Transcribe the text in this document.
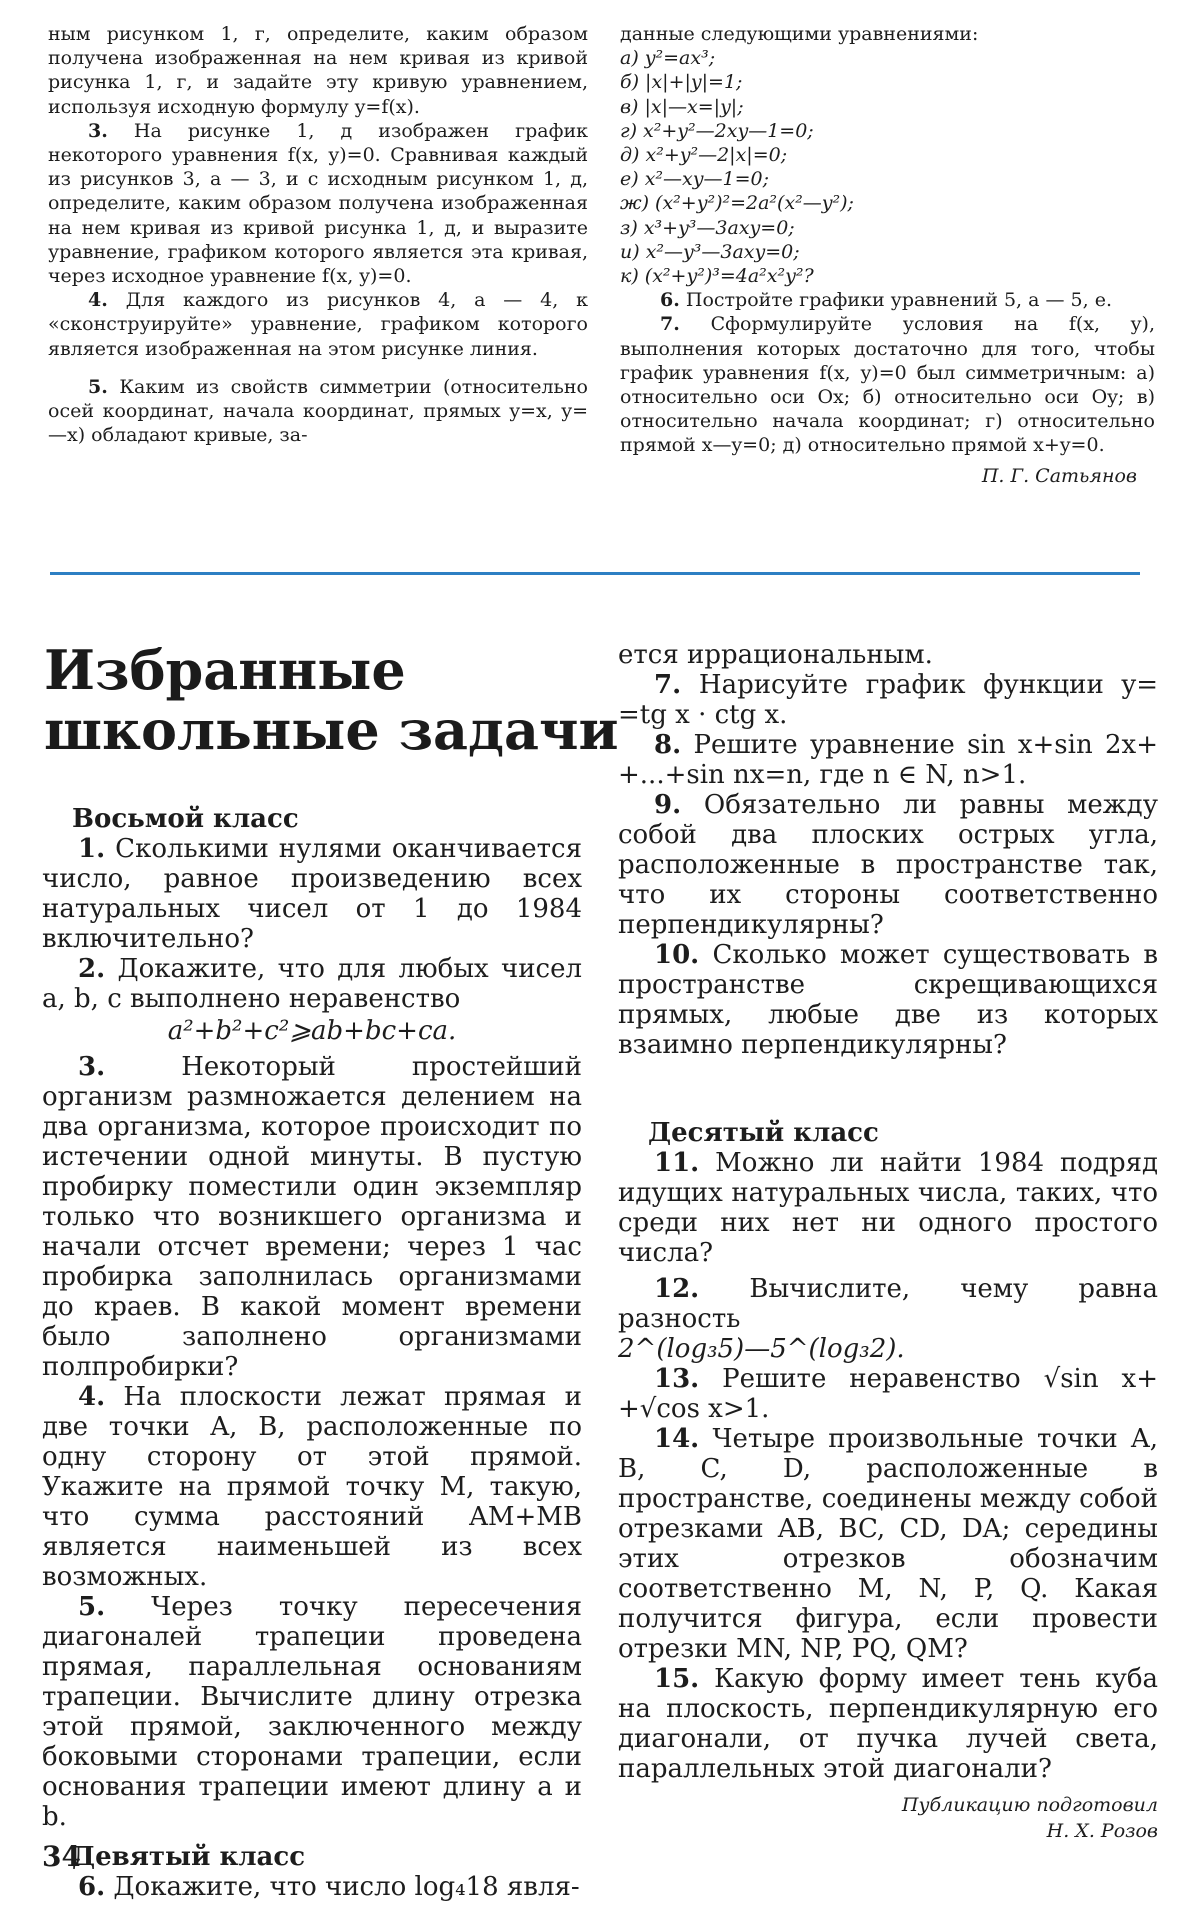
ным рисунком 1, г, определите, каким образом получена изображенная на нем кривая из кривой рисунка 1, г, и задайте эту кривую уравнением, используя исходную формулу y=f(x).

3. На рисунке 1, д изображен график некоторого уравнения f(x, y)=0. Сравнивая каждый из рисунков 3, а — 3, и с исходным рисунком 1, д, определите, каким образом получена изображенная на нем кривая из кривой рисунка 1, д, и выразите уравнение, графиком которого является эта кривая, через исходное уравнение f(x, y)=0.

4. Для каждого из рисунков 4, а — 4, к «сконструируйте» уравнение, графиком которого является изображенная на этом рисунке линия.

5. Каким из свойств симметрии (относительно осей координат, начала координат, прямых y=x, y=—x) обладают кривые, за-

данные следующими уравнениями:

а) y²=ax³;
б) |x|+|y|=1;
в) |x|—x=|y|;
г) x²+y²—2xy—1=0;
д) x²+y²—2|x|=0;
е) x²—xy—1=0;
ж) (x²+y²)²=2a²(x²—y²);
з) x³+y³—3axy=0;
и) x²—y³—3axy=0;
к) (x²+y²)³=4a²x²y²?

6. Постройте графики уравнений 5, а — 5, е.

7. Сформулируйте условия на f(x, y), выполнения которых достаточно для того, чтобы график уравнения f(x, y)=0 был симметричным: а) относительно оси Ox; б) относительно оси Oy; в) относительно начала координат; г) относительно прямой x—y=0; д) относительно прямой x+y=0.

П. Г. Сатьянов

Избранные
школьные задачи

Восьмой класс

1. Сколькими нулями оканчивается число, равное произведению всех натуральных чисел от 1 до 1984 включительно?

2. Докажите, что для любых чисел a, b, c выполнено неравенство

a²+b²+c²⩾ab+bc+ca.

3.	Некоторый простейший организм размножается делением на два организма, которое происходит по истечении одной минуты. В пустую пробирку поместили один экземпляр только что возникшего организма и начали отсчет времени; через 1 час пробирка заполнилась организмами до краев. В какой момент времени было заполнено организмами полпробирки?

4. На плоскости лежат прямая и две точки A, B, расположенные по одну сторону от этой прямой. Укажите на прямой точку M, такую, что сумма расстояний AM+MB является наименьшей из всех возможных.

5. Через точку пересечения диагоналей трапеции проведена прямая, параллельная основаниям трапеции. Вычислите длину отрезка этой прямой, заключенного между боковыми сторонами трапеции, если основания трапеции имеют длину a и b.

Девятый класс

6. Докажите, что число log₄18 явля-

ется иррациональным.

7. Нарисуйте график функции y= =tg x · ctg x.

8. Решите уравнение sin x+sin 2x+ +...+sin nx=n, где n ∈ N, n>1.

9. Обязательно ли равны между собой два плоских острых угла, расположенные в пространстве так, что их стороны соответственно перпендикулярны?

10. Сколько может существовать в пространстве скрещивающихся прямых, любые две из которых взаимно перпендикулярны?

Десятый класс

11. Можно ли найти 1984 подряд идущих натуральных числа, таких, что среди них нет ни одного простого числа?

12. Вычислите, чему равна разность

2^(log₃5)—5^(log₃2).

13. Решите неравенство √sin x+ +√cos x>1.

14. Четыре произвольные точки A, B, C, D, расположенные в пространстве, соединены между собой отрезками AB, BC, CD, DA; середины этих отрезков обозначим соответственно M, N, P, Q. Какая получится фигура, если провести отрезки MN, NP, PQ, QM?

15. Какую форму имеет тень куба на плоскость, перпендикулярную его диагонали, от пучка лучей света, параллельных этой диагонали?

Публикацию подготовил

Н. Х. Розов

34
